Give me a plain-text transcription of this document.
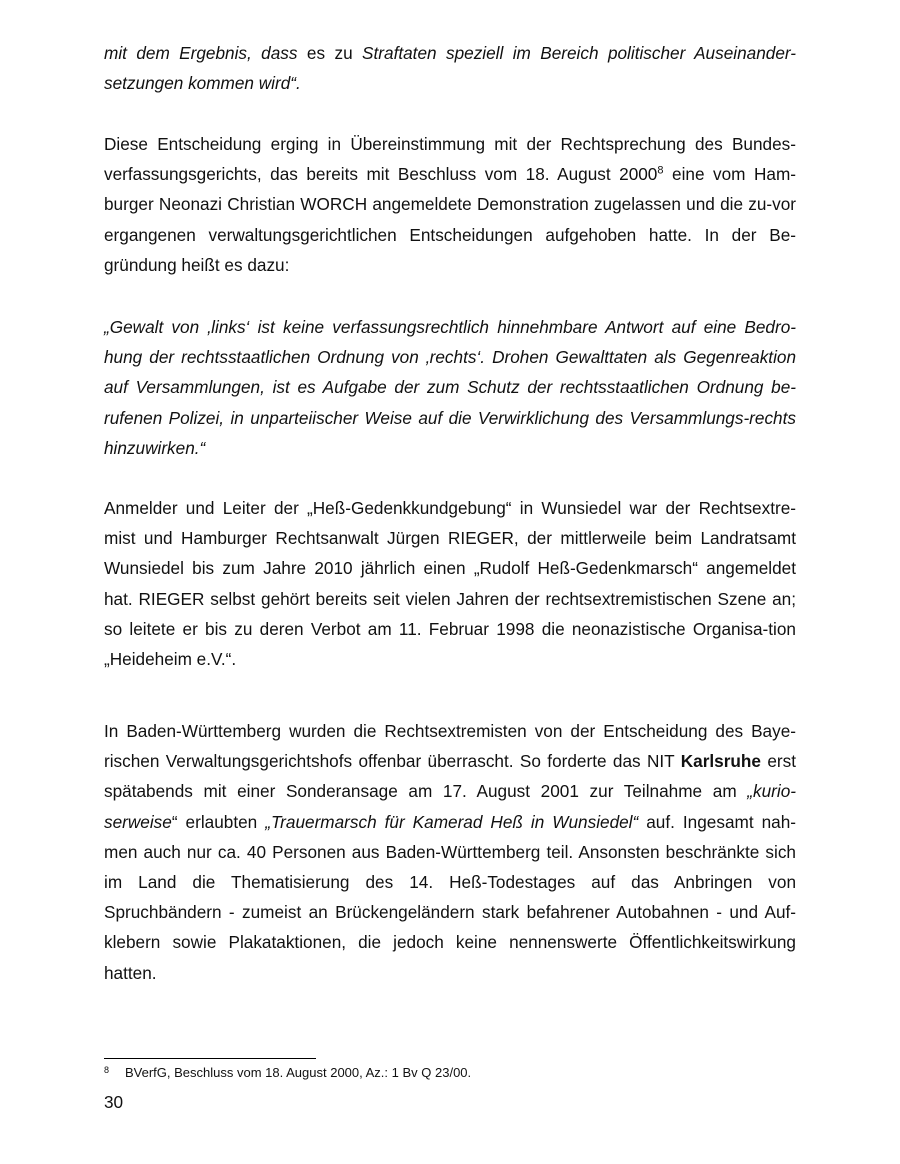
mit dem Ergebnis, dass es zu Straftaten speziell im Bereich politischer Auseinander-setzungen kommen wird“.

Diese Entscheidung erging in Übereinstimmung mit der Rechtsprechung des Bundes-verfassungsgerichts, das bereits mit Beschluss vom 18. August 2000$^8$ eine vom Ham-burger Neonazi Christian WORCH angemeldete Demonstration zugelassen und die zu-vor ergangenen verwaltungsgerichtlichen Entscheidungen aufgehoben hatte. In der Be-gründung heißt es dazu:

„Gewalt von ‚links‘ ist keine verfassungsrechtlich hinnehmbare Antwort auf eine Bedro-hung der rechtsstaatlichen Ordnung von ‚rechts‘. Drohen Gewalttaten als Gegenreaktion auf Versammlungen, ist es Aufgabe der zum Schutz der rechtsstaatlichen Ordnung be-rufenen Polizei, in unparteiischer Weise auf die Verwirklichung des Versammlungs-rechts hinzuwirken.“

Anmelder und Leiter der „Heß-Gedenkkundgebung“ in Wunsiedel war der Rechtsextre-mist und Hamburger Rechtsanwalt Jürgen RIEGER, der mittlerweile beim Landratsamt Wunsiedel bis zum Jahre 2010 jährlich einen „Rudolf Heß-Gedenkmarsch“ angemeldet hat. RIEGER selbst gehört bereits seit vielen Jahren der rechtsextremistischen Szene an; so leitete er bis zu deren Verbot am 11. Februar 1998 die neonazistische Organisa-tion „Heideheim e.V.“.

In Baden-Württemberg wurden die Rechtsextremisten von der Entscheidung des Baye-rischen Verwaltungsgerichtshofs offenbar überrascht. So forderte das NIT Karlsruhe erst spätabends mit einer Sonderansage am 17. August 2001 zur Teilnahme am „kurio-serweise“ erlaubten „Trauermarsch für Kamerad Heß in Wunsiedel“ auf. Ingesamt nah-men auch nur ca. 40 Personen aus Baden-Württemberg teil. Ansonsten beschränkte sich im Land die Thematisierung des 14. Heß-Todestages auf das Anbringen von Spruchbändern - zumeist an Brückengeländern stark befahrener Autobahnen - und Auf-klebern sowie Plakataktionen, die jedoch keine nennenswerte Öffentlichkeitswirkung hatten.

8 BVerfG, Beschluss vom 18. August 2000, Az.: 1 Bv Q 23/00.
30
